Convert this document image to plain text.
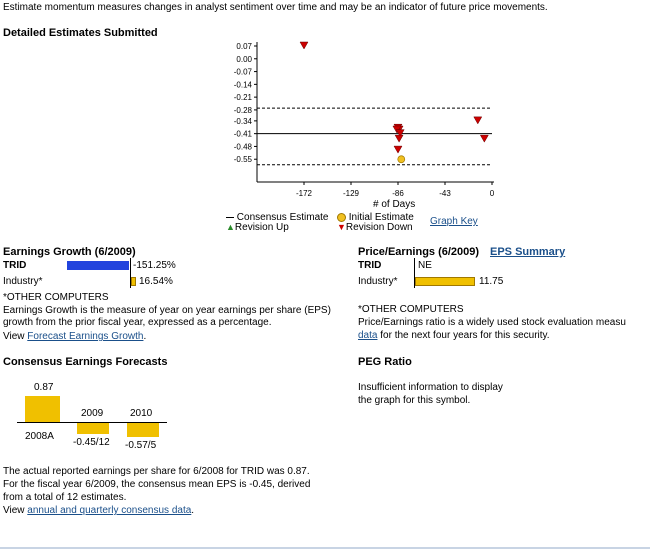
Estimate momentum measures changes in analyst sentiment over time and may be an indicator of future price movements.
Detailed Estimates Submitted
0.07
0.00
-0.07
-0.14
-0.21
-0.28
-0.34
-0.41
-0.48
-0.55
-172	-129	-86	-43	0
# of Days
Consensus Estimate
▲Revision Up
Initial Estimate
▼Revision Down
Graph Key
Earnings Growth (6/2009)
TRID	-151.25%
Industry*	16.54%
*OTHER COMPUTERS
Earnings Growth is the measure of year on year earnings per share (EPS) growth from the prior fiscal year, expressed as a percentage.
View Forecast Earnings Growth.
Price/Earnings (6/2009) EPS Summary
TRID	NE
Industry*	11.75
*OTHER COMPUTERS
Price/Earnings ratio is a widely used stock evaluation measu
data for the next four years for this security.
Consensus Earnings Forecasts
0.87
2008A
2009	2010
-0.45/12 -0.57/5
The actual reported earnings per share for 6/2008 for TRID was 0.87.
For the fiscal year 6/2009, the consensus mean EPS is -0.45, derived
from a total of 12 estimates.
View annual and quarterly consensus data.
PEG Ratio
Insufficient information to display
the graph for this symbol.
